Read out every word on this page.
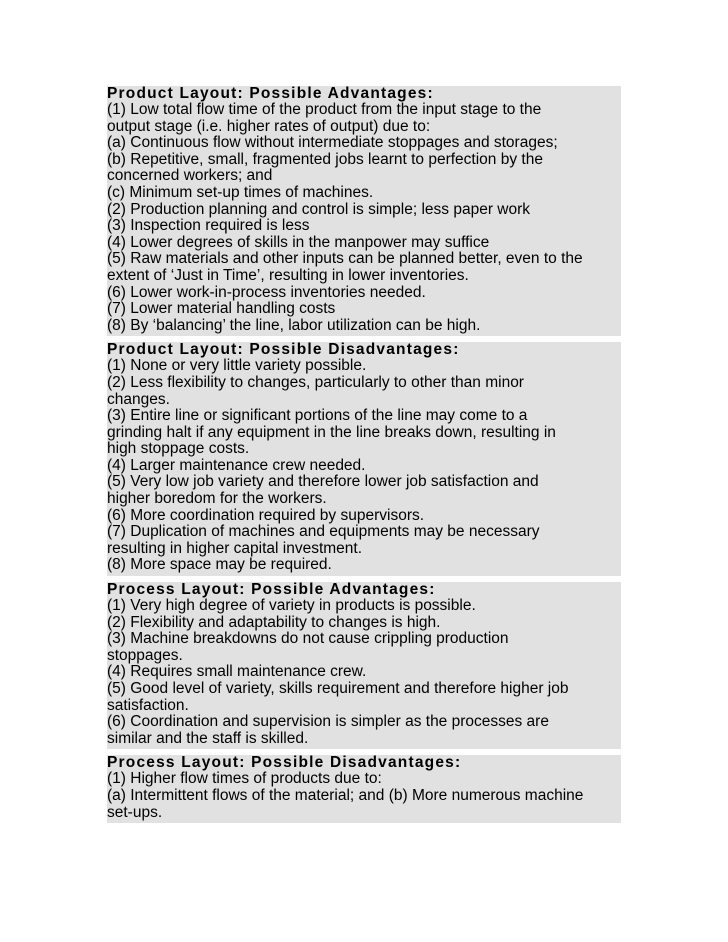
Product Layout: Possible Advantages:
(1) Low total flow time of the product from the input stage to the
output stage (i.e. higher rates of output) due to:
(a) Continuous flow without intermediate stoppages and storages;
(b) Repetitive, small, fragmented jobs learnt to perfection by the
concerned workers; and
(c) Minimum set-up times of machines.
(2) Production planning and control is simple; less paper work
(3) Inspection required is less
(4) Lower degrees of skills in the manpower may suffice
(5) Raw materials and other inputs can be planned better, even to the
extent of ‘Just in Time’, resulting in lower inventories.
(6) Lower work-in-process inventories needed.
(7) Lower material handling costs
(8) By ‘balancing’ the line, labor utilization can be high.
Product Layout: Possible Disadvantages:
(1) None or very little variety possible.
(2) Less flexibility to changes, particularly to other than minor
changes.
(3) Entire line or significant portions of the line may come to a
grinding halt if any equipment in the line breaks down, resulting in
high stoppage costs.
(4) Larger maintenance crew needed.
(5) Very low job variety and therefore lower job satisfaction and
higher boredom for the workers.
(6) More coordination required by supervisors.
(7) Duplication of machines and equipments may be necessary
resulting in higher capital investment.
(8) More space may be required.
Process Layout: Possible Advantages:
(1) Very high degree of variety in products is possible.
(2) Flexibility and adaptability to changes is high.
(3) Machine breakdowns do not cause crippling production
stoppages.
(4) Requires small maintenance crew.
(5) Good level of variety, skills requirement and therefore higher job
satisfaction.
(6) Coordination and supervision is simpler as the processes are
similar and the staff is skilled.
Process Layout: Possible Disadvantages:
(1) Higher flow times of products due to:
(a) Intermittent flows of the material; and (b) More numerous machine
set-ups.
